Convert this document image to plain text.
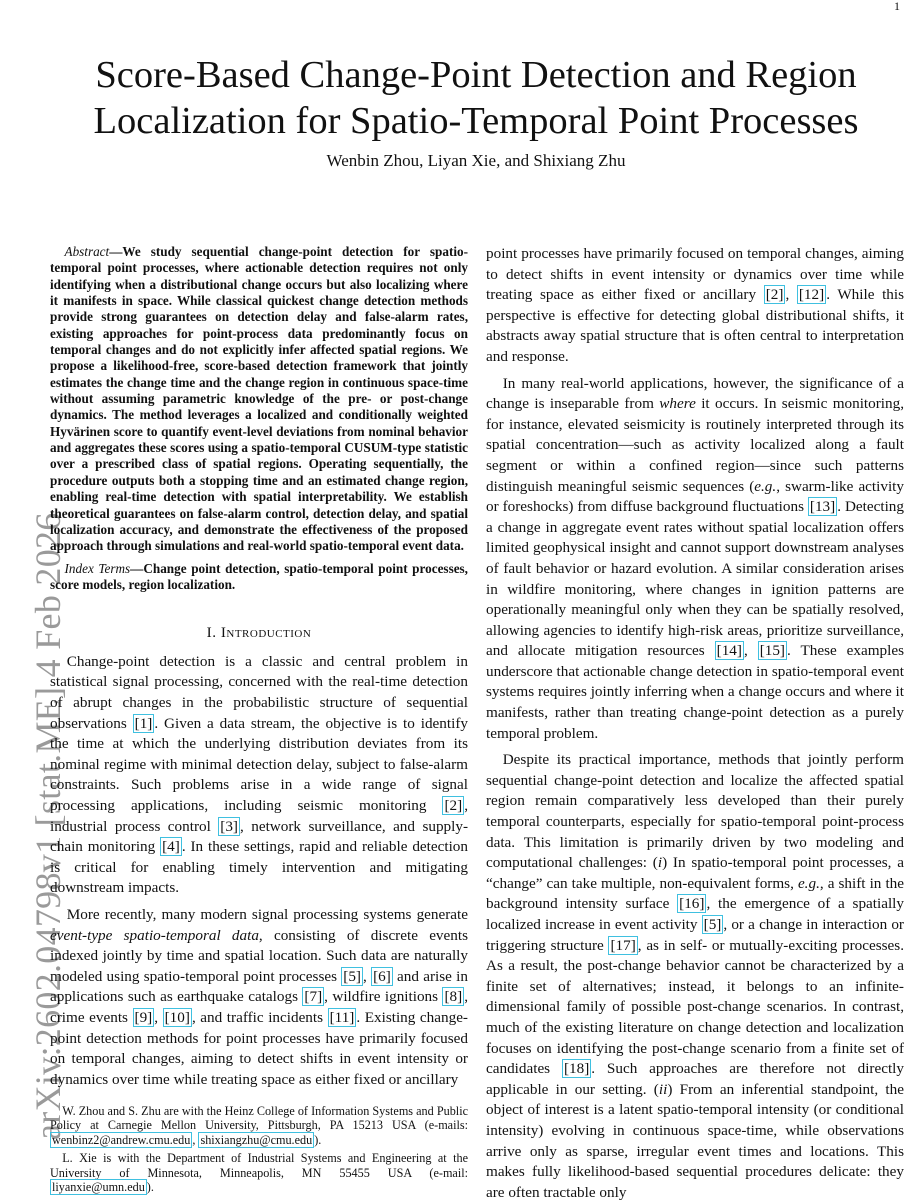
1
arXiv:2602.04798v1 [stat.ME] 4 Feb 2026
Score-Based Change-Point Detection and Region
Localization for Spatio-Temporal Point Processes
Wenbin Zhou, Liyan Xie, and Shixiang Zhu

Abstract—We study sequential change-point detection for spatio-temporal point processes, where actionable detection requires not only identifying when a distributional change occurs but also localizing where it manifests in space. While classical quickest change detection methods provide strong guarantees on detection delay and false-alarm rates, existing approaches for point-process data predominantly focus on temporal changes and do not explicitly infer affected spatial regions. We propose a likelihood-free, score-based detection framework that jointly estimates the change time and the change region in continuous space-time without assuming parametric knowledge of the pre- or post-change dynamics. The method leverages a localized and conditionally weighted Hyvärinen score to quantify event-level deviations from nominal behavior and aggregates these scores using a spatio-temporal CUSUM-type statistic over a prescribed class of spatial regions. Operating sequentially, the procedure outputs both a stopping time and an estimated change region, enabling real-time detection with spatial interpretability. We establish theoretical guarantees on false-alarm control, detection delay, and spatial localization accuracy, and demonstrate the effectiveness of the proposed approach through simulations and real-world spatio-temporal event data.

Index Terms—Change point detection, spatio-temporal point processes, score models, region localization.

I. Introduction

Change-point detection is a classic and central problem in statistical signal processing, concerned with the real-time detection of abrupt changes in the probabilistic structure of sequential observations [1] . Given a data stream, the objective is to identify the time at which the underlying distribution deviates from its nominal regime with minimal detection delay, subject to false-alarm constraints. Such problems arise in a wide range of signal processing applications, including seismic monitoring [2] , industrial process control [3] , network surveillance, and supply-chain monitoring [4] . In these settings, rapid and reliable detection is critical for enabling timely intervention and mitigating downstream impacts.

More recently, many modern signal processing systems generate event-type spatio-temporal data, consisting of discrete events indexed jointly by time and spatial location. Such data are naturally modeled using spatio-temporal point processes [5] , [6] and arise in applications such as earthquake catalogs [7] , wildfire ignitions [8] , crime events [9] , [10] , and traffic incidents [11] . Existing change-point detection methods for point processes have primarily focused on temporal changes, aiming to detect shifts in event intensity or dynamics over time while treating space as either fixed or ancillary

W. Zhou and S. Zhu are with the Heinz College of Information Systems and Public Policy at Carnegie Mellon University, Pittsburgh, PA 15213 USA (e-mails: wenbinz2@andrew.cmu.edu , shixiangzhu@cmu.edu ).

L. Xie is with the Department of Industrial Systems and Engineering at the University of Minnesota, Minneapolis, MN 55455 USA (e-mail: liyanxie@umn.edu ).

point processes have primarily focused on temporal changes, aiming to detect shifts in event intensity or dynamics over time while treating space as either fixed or ancillary [2] , [12] . While this perspective is effective for detecting global distributional shifts, it abstracts away spatial structure that is often central to interpretation and response.

In many real-world applications, however, the significance of a change is inseparable from where it occurs. In seismic monitoring, for instance, elevated seismicity is routinely interpreted through its spatial concentration—such as activity localized along a fault segment or within a confined region—since such patterns distinguish meaningful seismic sequences (e.g., swarm-like activity or foreshocks) from diffuse background fluctuations [13] . Detecting a change in aggregate event rates without spatial localization offers limited geophysical insight and cannot support downstream analyses of fault behavior or hazard evolution. A similar consideration arises in wildfire monitoring, where changes in ignition patterns are operationally meaningful only when they can be spatially resolved, allowing agencies to identify high-risk areas, prioritize surveillance, and allocate mitigation resources [14] , [15] . These examples underscore that actionable change detection in spatio-temporal event systems requires jointly inferring when a change occurs and where it manifests, rather than treating change-point detection as a purely temporal problem.

Despite its practical importance, methods that jointly perform sequential change-point detection and localize the affected spatial region remain comparatively less developed than their purely temporal counterparts, especially for spatio-temporal point-process data. This limitation is primarily driven by two modeling and computational challenges: (i) In spatio-temporal point processes, a “change” can take multiple, non-equivalent forms, e.g., a shift in the background intensity surface [16] , the emergence of a spatially localized increase in event activity [5] , or a change in interaction or triggering structure [17] , as in self- or mutually-exciting processes. As a result, the post-change behavior cannot be characterized by a finite set of alternatives; instead, it belongs to an infinite-dimensional family of possible post-change scenarios. In contrast, much of the existing literature on change detection and localization focuses on identifying the post-change scenario from a finite set of candidates [18] . Such approaches are therefore not directly applicable in our setting. (ii) From an inferential standpoint, the object of interest is a latent spatio-temporal intensity (or conditional intensity) evolving in continuous space-time, while observations arrive only as sparse, irregular event times and locations. This makes fully likelihood-based sequential procedures delicate: they are often tractable only
